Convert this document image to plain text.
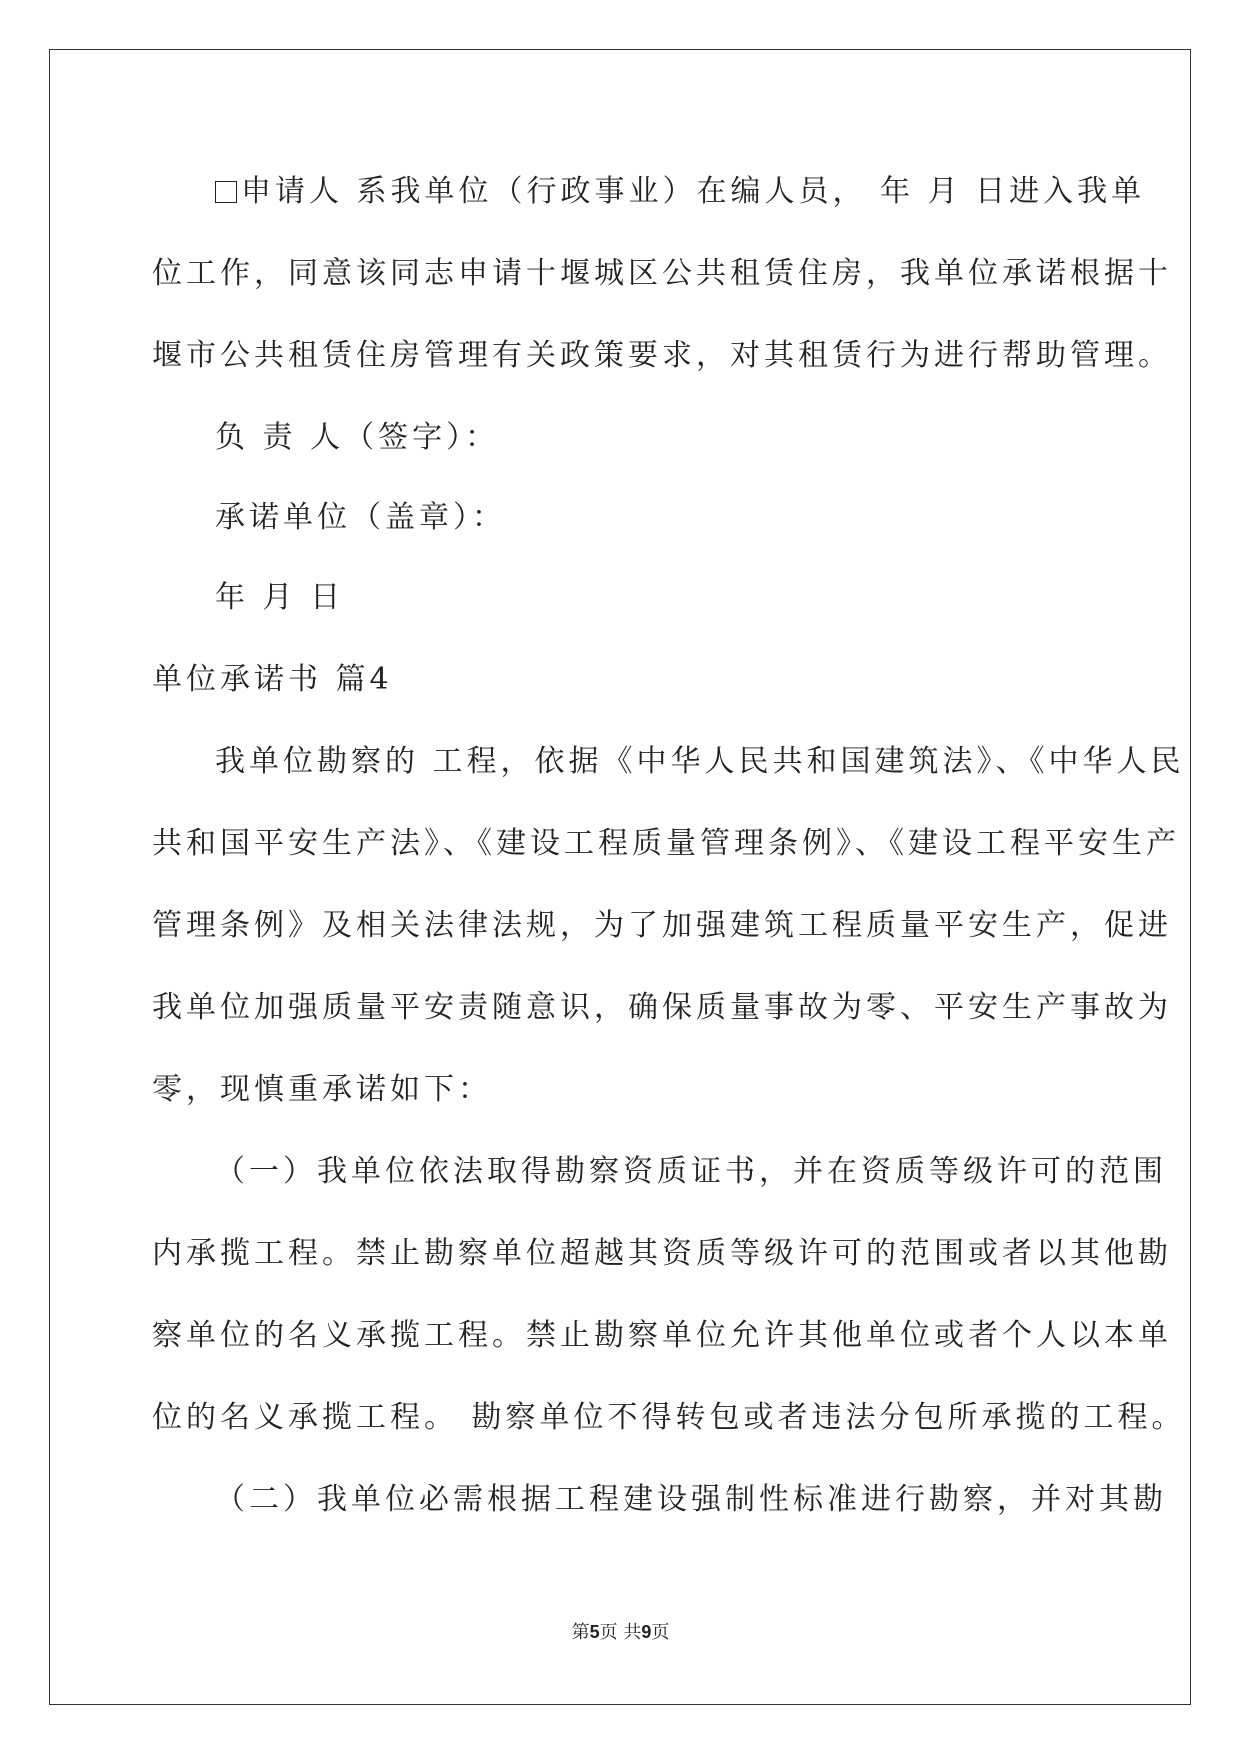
申请人 系我单位（行政事业）在编人员， 年 月 日进入我单
位工作，同意该同志申请十堰城区公共租赁住房，我单位承诺根据十
堰市公共租赁住房管理有关政策要求，对其租赁行为进行帮助管理。
负 责 人（签字）：
承诺单位（盖章）：
年 月 日
单位承诺书 篇4
我单位勘察的 工程，依据《中华人民共和国建筑法》、《中华人民
共和国平安生产法》、《建设工程质量管理条例》、《建设工程平安生产
管理条例》及相关法律法规，为了加强建筑工程质量平安生产，促进
我单位加强质量平安责随意识，确保质量事故为零、平安生产事故为
零，现慎重承诺如下：
（一）我单位依法取得勘察资质证书，并在资质等级许可的范围
内承揽工程。禁止勘察单位超越其资质等级许可的范围或者以其他勘
察单位的名义承揽工程。禁止勘察单位允许其他单位或者个人以本单
位的名义承揽工程。 勘察单位不得转包或者违法分包所承揽的工程。
（二）我单位必需根据工程建设强制性标准进行勘察，并对其勘
第5页 共9页
